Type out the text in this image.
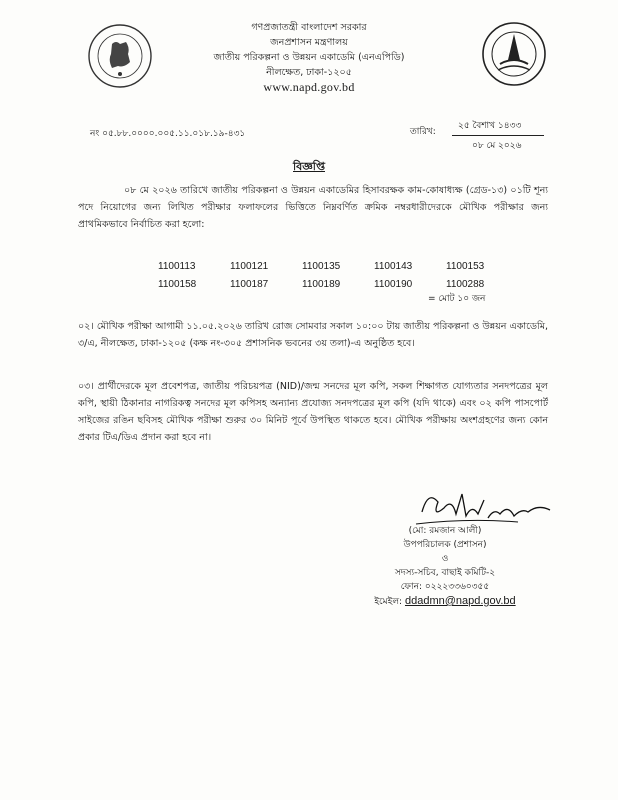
গণপ্রজাতন্ত্রী বাংলাদেশ সরকার
জনপ্রশাসন মন্ত্রণালয়
জাতীয় পরিকল্পনা ও উন্নয়ন একাডেমি (এনএপিডি)
নীলক্ষেত, ঢাকা-১২০৫
www.napd.gov.bd
নং ০৫.৮৮.০০০০.০০৫.১১.০১৮.১৯-৪৩১	তারিখ:
২৫ বৈশাখ ১৪৩৩
০৮ মে ২০২৬
বিজ্ঞপ্তি
০৮ মে ২০২৬ তারিখে জাতীয় পরিকল্পনা ও উন্নয়ন একাডেমির হিসাবরক্ষক কাম-কোষাধ্যক্ষ (গ্রেড-১৩) ০১টি শূন্য পদে নিয়োগের জন্য লিখিত পরীক্ষার ফলাফলের ভিত্তিতে নিম্নবর্ণিত ক্রমিক নম্বরধারীদেরকে মৌখিক পরীক্ষার জন্য প্রাথমিকভাবে নির্বাচিত করা হলো:
1100113	1100121	1100135	1100143	1100153
1100158	1100187	1100189	1100190	1100288
= মোট ১০ জন
০২। মৌখিক পরীক্ষা আগামী ১১.০৫.২০২৬ তারিখ রোজ সোমবার সকাল ১০:০০ টায় জাতীয় পরিকল্পনা ও উন্নয়ন একাডেমি, ৩/এ, নীলক্ষেত, ঢাকা-১২০৫ (কক্ষ নং-৩০৫ প্রশাসনিক ভবনের ৩য় তলা)-এ অনুষ্ঠিত হবে।
০৩। প্রার্থীদেরকে মূল প্রবেশপত্র, জাতীয় পরিচয়পত্র (NID)/জন্ম সনদের মূল কপি, সকল শিক্ষাগত যোগ্যতার সনদপত্রের মূল কপি, স্থায়ী ঠিকানার নাগরিকত্ব সনদের মূল কপিসহ অন্যান্য প্রযোজ্য সনদপত্রের মূল কপি (যদি থাকে) এবং ০২ কপি পাসপোর্ট সাইজের রঙিন ছবিসহ মৌখিক পরীক্ষা শুরুর ৩০ মিনিট পূর্বে উপস্থিত থাকতে হবে। মৌখিক পরীক্ষায় অংশগ্রহণের জন্য কোন প্রকার টিএ/ডিএ প্রদান করা হবে না।
(মো: রমজান আলী)
উপপরিচালক (প্রশাসন)
ও
সদস্য-সচিব, বাছাই কমিটি-২
ফোন: ০২২২৩৩৬০৩৫৫
ইমেইল: ddadmn@napd.gov.bd
